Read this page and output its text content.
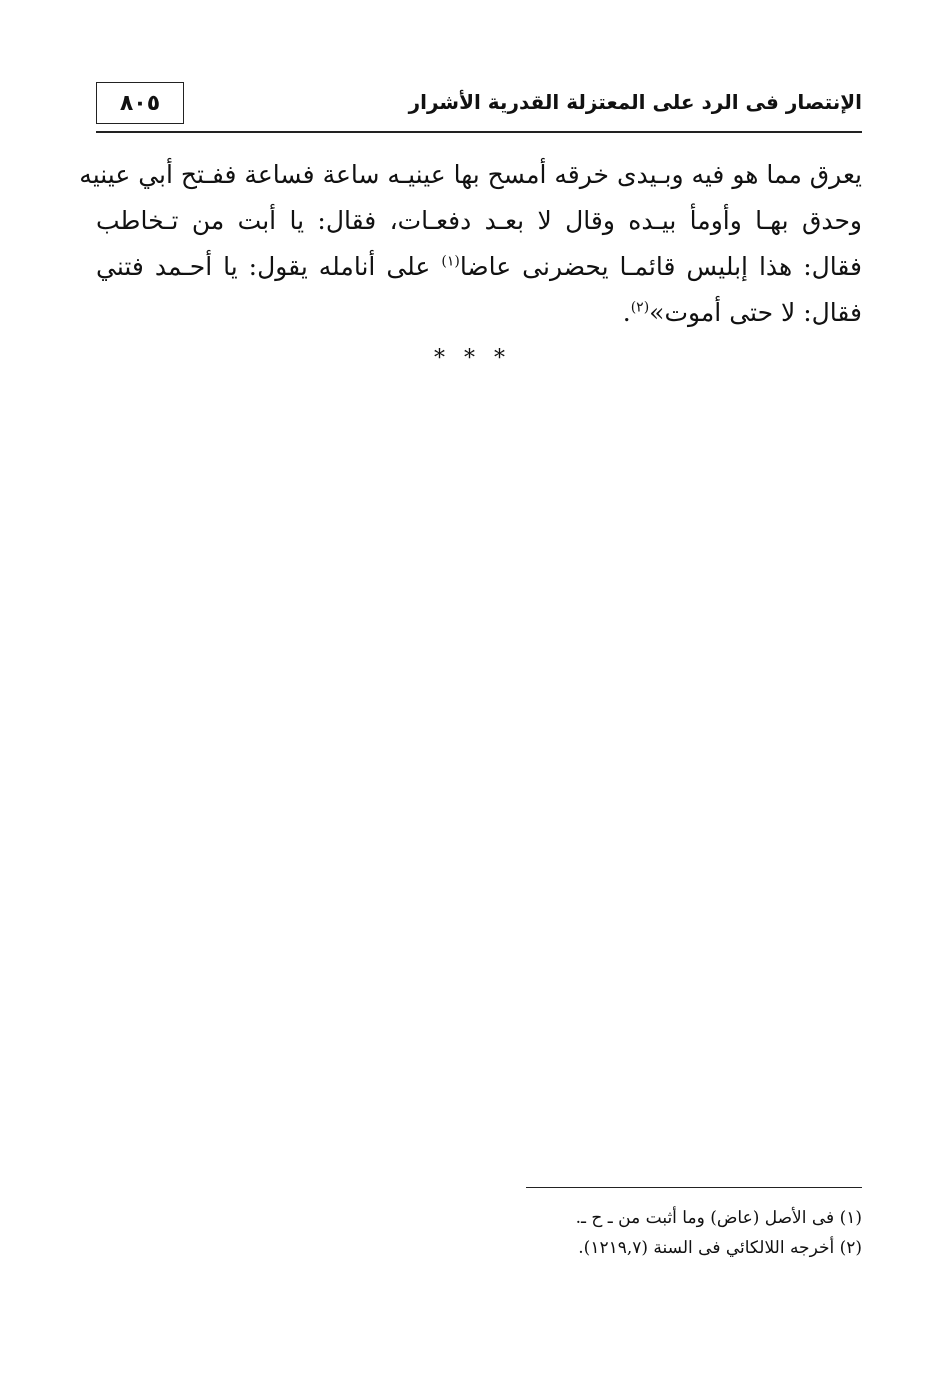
٨٠٥	الإنتصار فى الرد على المعتزلة القدرية الأشرار
يعرق مما هو فيه وبـيدى خرقه أمسح بها عينيـه ساعة فساعة ففـتح أبي عينيه
وحدق بهـا وأومأ بيـده وقال لا بعـد دفعـات، فقال: يا أبت من تـخاطب
فقال: هذا إبليس قائمـا يحضرنى عاضا$^{(١)}$ على أنامله يقول: يا أحـمد فتني
فقال: لا حتى أموت»$^{(٢)}$.
* * *
(١) فى الأصل (عاض) وما أثبت من ـ ح ـ.
(٢) أخرجه اللالكائي فى السنة (١٢١٩,٧).
